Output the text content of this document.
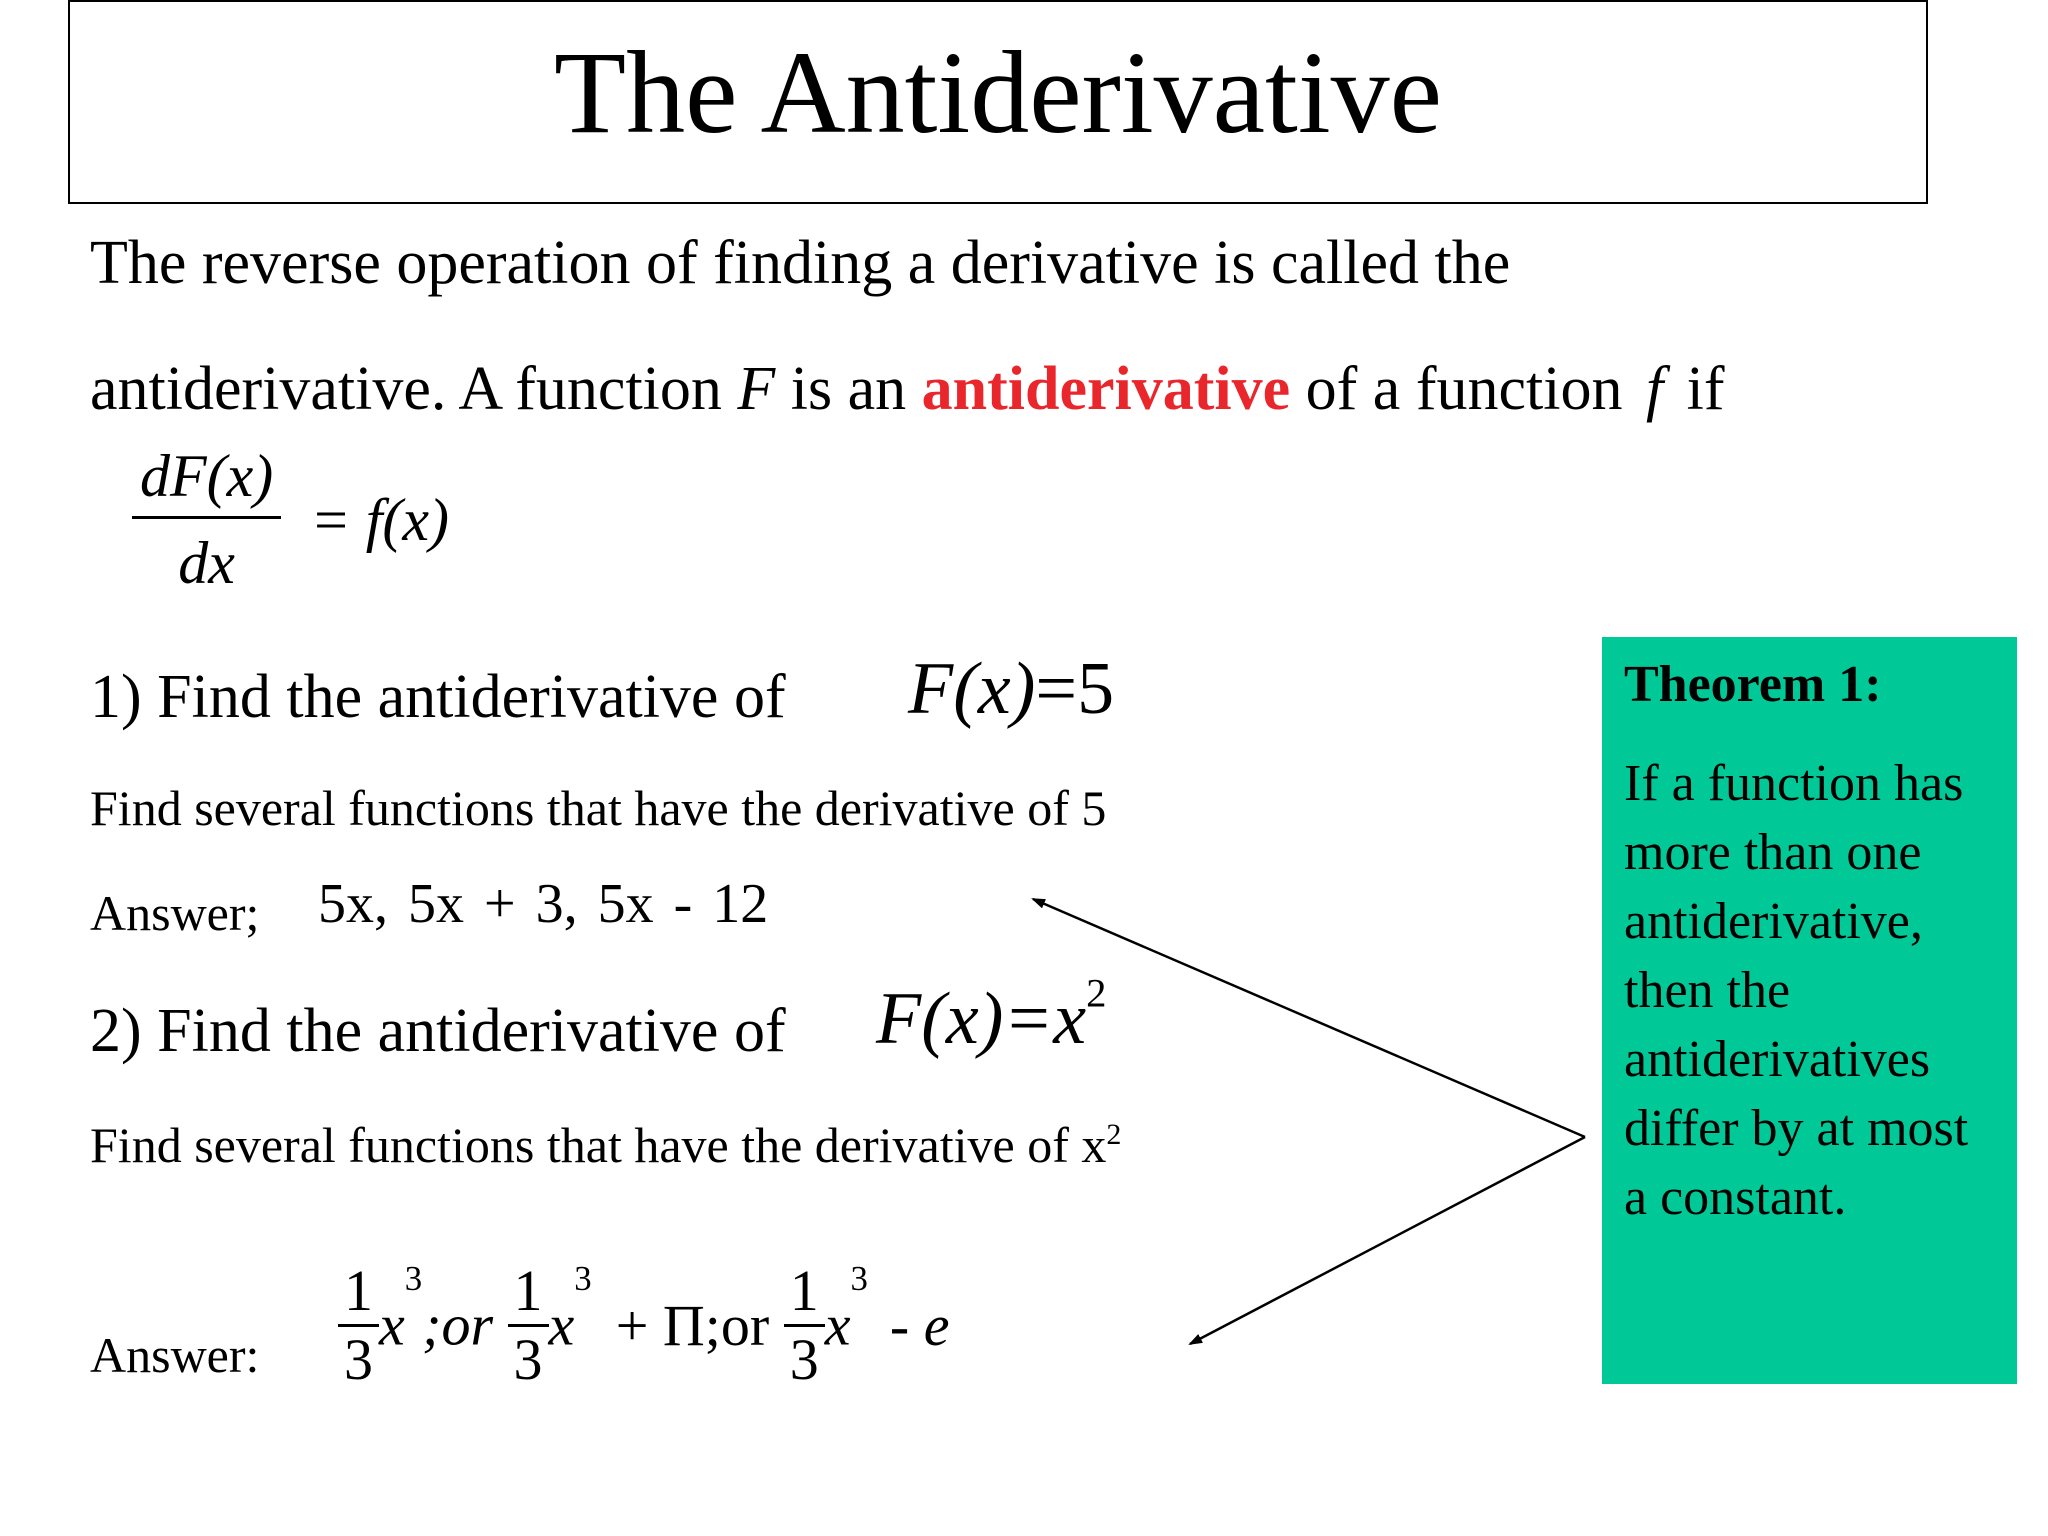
The Antiderivative
The reverse operation of finding a derivative is called the
antiderivative. A function F is an antiderivative of a function f if
$\frac{dF(x)}{dx} = f(x)$
1) Find the antiderivative of F(x)=5
Find several functions that have the derivative of 5
Answer; 5x, 5x + 3, 5x - 12
2) Find the antiderivative of $F(x)=x^2$
Find several functions that have the derivative of $x^2$
Answer: $\frac{1}{3}$ $x^3;or \frac{1}{3} x^3+$ Π;or $\frac{1}{3} x^3-$ e
Theorem 1:
If a function has more than one antiderivative, then the antiderivatives differ by at most a constant.
